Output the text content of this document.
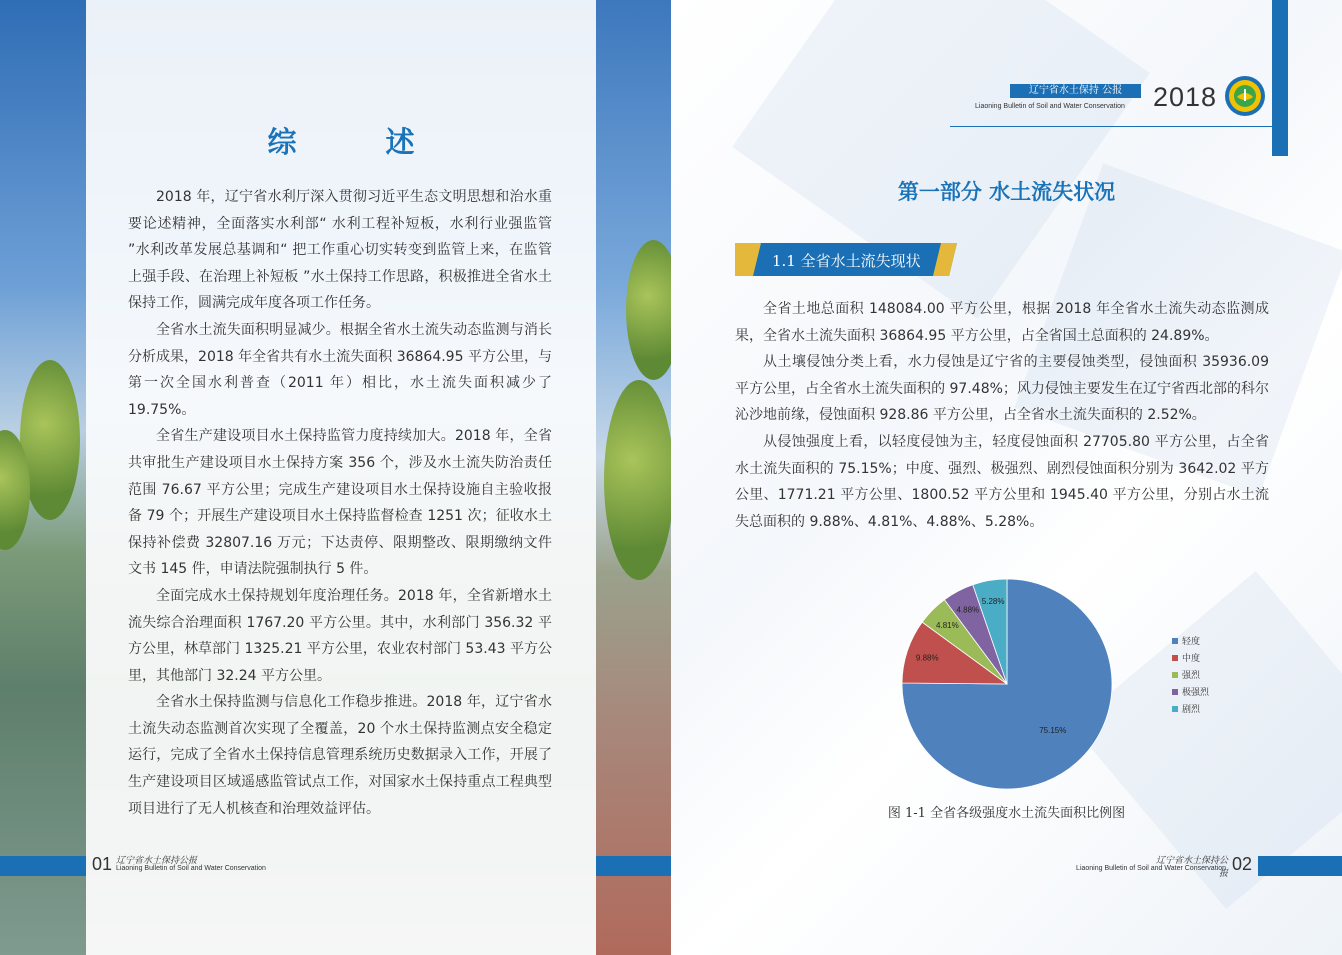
综　述

2018 年，辽宁省水利厅深入贯彻习近平生态文明思想和治水重要论述精神，全面落实水利部“ 水利工程补短板，水利行业强监管 ”水利改革发展总基调和“ 把工作重心切实转变到监管上来，在监管上强手段、在治理上补短板 ”水土保持工作思路，积极推进全省水土保持工作，圆满完成年度各项工作任务。

全省水土流失面积明显减少。根据全省水土流失动态监测与消长分析成果，2018 年全省共有水土流失面积 36864.95 平方公里，与第一次全国水利普查（2011 年）相比，水土流失面积减少了 19.75%。

全省生产建设项目水土保持监管力度持续加大。2018 年，全省共审批生产建设项目水土保持方案 356 个，涉及水土流失防治责任范围 76.67 平方公里；完成生产建设项目水土保持设施自主验收报备 79 个；开展生产建设项目水土保持监督检查 1251 次；征收水土保持补偿费 32807.16 万元；下达责停、限期整改、限期缴纳文件文书 145 件，申请法院强制执行 5 件。

全面完成水土保持规划年度治理任务。2018 年，全省新增水土流失综合治理面积 1767.20 平方公里。其中，水利部门 356.32 平方公里，林草部门 1325.21 平方公里，农业农村部门 53.43 平方公里，其他部门 32.24 平方公里。

全省水土保持监测与信息化工作稳步推进。2018 年，辽宁省水土流失动态监测首次实现了全覆盖，20 个水土保持监测点安全稳定运行，完成了全省水土保持信息管理系统历史数据录入工作，开展了生产建设项目区域遥感监管试点工作，对国家水土保持重点工程典型项目进行了无人机核查和治理效益评估。

01 辽宁省水土保持公报
Liaoning Bulletin of Soil and Water Conservation
辽宁省水土保持 公报
Liaoning Bulletin of Soil and Water Conservation 2018
第一部分 水土流失状况
1.1 全省水土流失现状

全省土地总面积 148084.00 平方公里，根据 2018 年全省水土流失动态监测成果，全省水土流失面积 36864.95 平方公里，占全省国土总面积的 24.89%。

从土壤侵蚀分类上看，水力侵蚀是辽宁省的主要侵蚀类型，侵蚀面积 35936.09 平方公里，占全省水土流失面积的 97.48%；风力侵蚀主要发生在辽宁省西北部的科尔沁沙地前缘，侵蚀面积 928.86 平方公里，占全省水土流失面积的 2.52%。

从侵蚀强度上看，以轻度侵蚀为主，轻度侵蚀面积 27705.80 平方公里，占全省水土流失面积的 75.15%；中度、强烈、极强烈、剧烈侵蚀面积分别为 3642.02 平方公里、1771.21 平方公里、1800.52 平方公里和 1945.40 平方公里，分别占水土流失总面积的 9.88%、4.81%、4.88%、5.28%。

75.15%
9.88%
4.81%
4.88%
5.28%
轻度
中度
强烈
极强烈
剧烈
图 1-1 全省各级强度水土流失面积比例图
02
辽宁省水土保持公报
Liaoning Bulletin of Soil and Water Conservation
